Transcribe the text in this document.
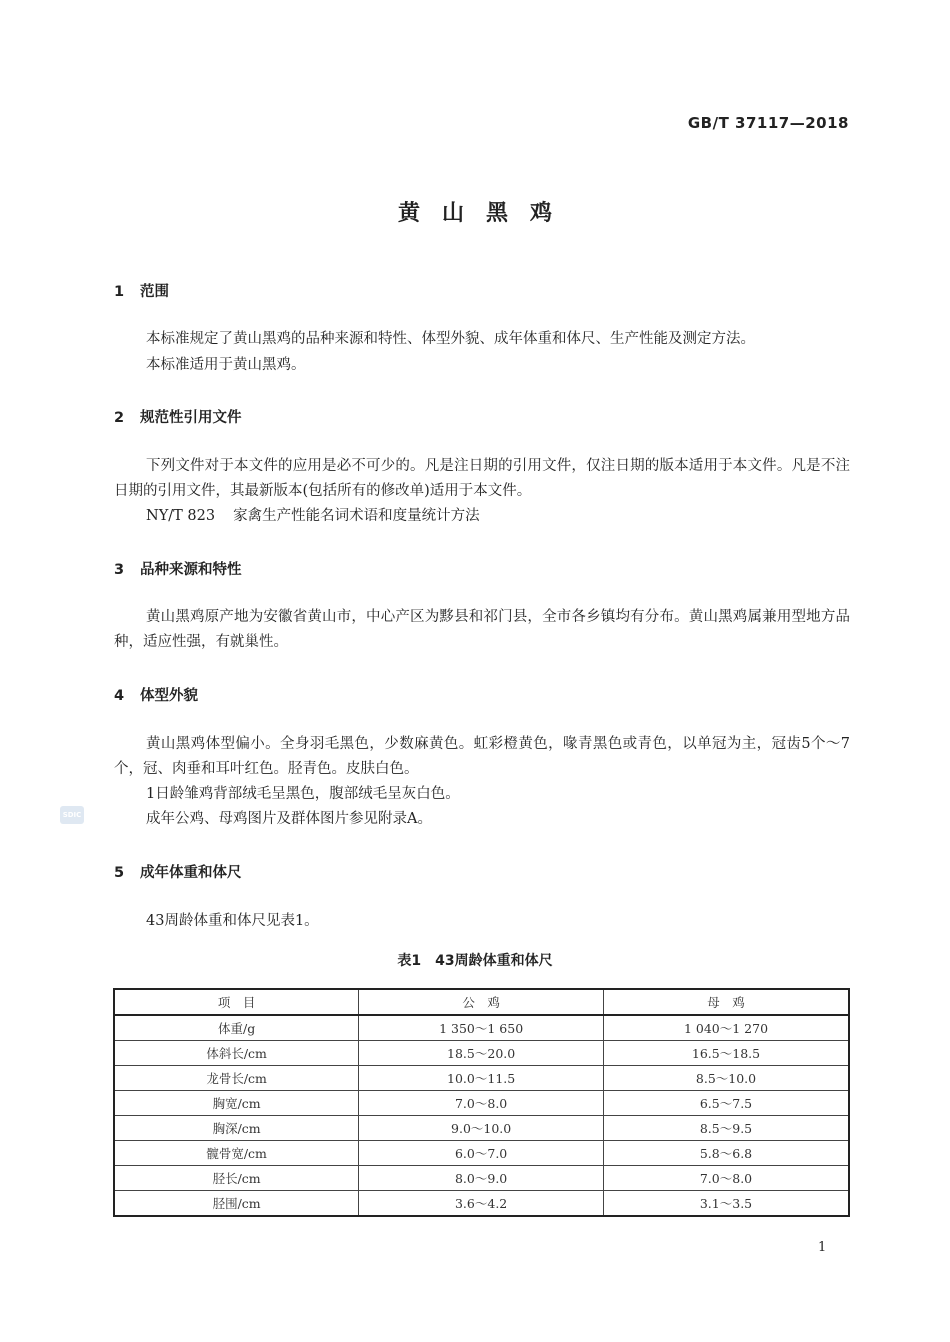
GB/T 37117—2018
黄山黑鸡
1 范围
本标准规定了黄山黑鸡的品种来源和特性、体型外貌、成年体重和体尺、生产性能及测定方法。
本标准适用于黄山黑鸡。
2 规范性引用文件
下列文件对于本文件的应用是必不可少的。凡是注日期的引用文件，仅注日期的版本适用于本文件。凡是不注日期的引用文件，其最新版本(包括所有的修改单)适用于本文件。
NY/T 823 家禽生产性能名词术语和度量统计方法
3 品种来源和特性
黄山黑鸡原产地为安徽省黄山市，中心产区为黟县和祁门县，全市各乡镇均有分布。黄山黑鸡属兼用型地方品种，适应性强，有就巢性。
4 体型外貌
黄山黑鸡体型偏小。全身羽毛黑色，少数麻黄色。虹彩橙黄色，喙青黑色或青色，以单冠为主，冠齿5个～7个，冠、肉垂和耳叶红色。胫青色。皮肤白色。
1日龄雏鸡背部绒毛呈黑色，腹部绒毛呈灰白色。
成年公鸡、母鸡图片及群体图片参见附录A。
5 成年体重和体尺
43周龄体重和体尺见表1。
表1　43周龄体重和体尺
项　目	公　鸡	母　鸡
体重/g	1 350～1 650	1 040～1 270
体斜长/cm	18.5～20.0	16.5～18.5
龙骨长/cm	10.0～11.5	8.5～10.0
胸宽/cm	7.0～8.0	6.5～7.5
胸深/cm	9.0～10.0	8.5～9.5
髋骨宽/cm	6.0～7.0	5.8～6.8
胫长/cm	8.0～9.0	7.0～8.0
胫围/cm	3.6～4.2	3.1～3.5
SDIC
1
